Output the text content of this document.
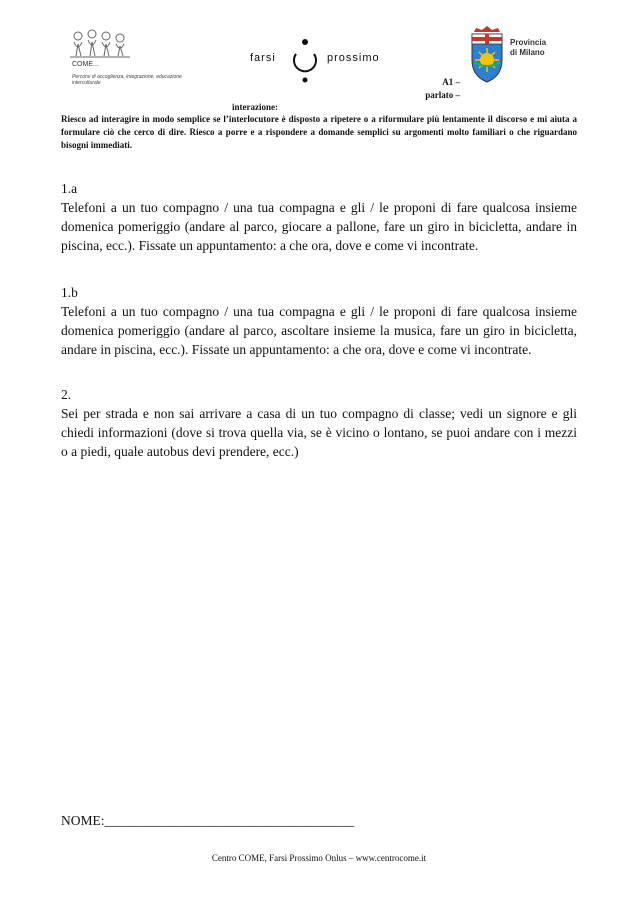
COME...
Percorsi di accoglienza, integrazione, educazione interculturale
farsi	prossimo
Provincia
di Milano
A1 –
parlato –
interazione:
Riesco ad interagire in modo semplice se l’interlocutore è disposto a ripetere o a riformulare più lentamente il discorso e mi aiuta a formulare ciò che cerco di dire. Riesco a porre e a rispondere a domande semplici su argomenti molto familiari o che riguardano bisogni immediati.
1.a
Telefoni a un tuo compagno / una tua compagna e gli / le proponi di fare qualcosa insieme domenica pomeriggio (andare al parco, giocare a pallone, fare un giro in bicicletta, andare in piscina, ecc.). Fissate un appuntamento: a che ora, dove e come vi incontrate.
1.b
Telefoni a un tuo compagno / una tua compagna e gli / le proponi di fare qualcosa insieme domenica pomeriggio (andare al parco, ascoltare insieme la musica, fare un giro in bicicletta, andare in piscina, ecc.). Fissate un appuntamento: a che ora, dove e come vi incontrate.
2.
Sei per strada e non sai arrivare a casa di un tuo compagno di classe; vedi un signore e gli chiedi informazioni (dove si trova quella via, se è vicino o lontano, se puoi andare con i mezzi o a piedi, quale autobus devi prendere, ecc.)
NOME:_____________________________________
Centro COME, Farsi Prossimo Onlus – www.centrocome.it
